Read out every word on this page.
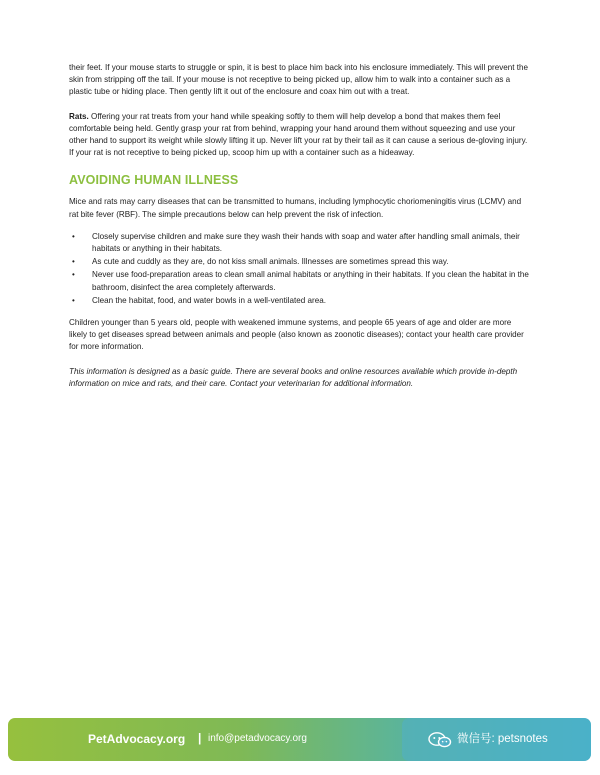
their feet. If your mouse starts to struggle or spin, it is best to place him back into his enclosure immediately. This will prevent the skin from stripping off the tail. If your mouse is not receptive to being picked up, allow him to walk into a container such as a plastic tube or hiding place. Then gently lift it out of the enclosure and coax him out with a treat.

Rats. Offering your rat treats from your hand while speaking softly to them will help develop a bond that makes them feel comfortable being held. Gently grasp your rat from behind, wrapping your hand around them without squeezing and use your other hand to support its weight while slowly lifting it up. Never lift your rat by their tail as it can cause a serious de-gloving injury. If your rat is not receptive to being picked up, scoop him up with a container such as a hideaway.

AVOIDING HUMAN ILLNESS

Mice and rats may carry diseases that can be transmitted to humans, including lymphocytic choriomeningitis virus (LCMV) and rat bite fever (RBF). The simple precautions below can help prevent the risk of infection.

• Closely supervise children and make sure they wash their hands with soap and water after handling small animals, their habitats or anything in their habitats.
• As cute and cuddly as they are, do not kiss small animals. Illnesses are sometimes spread this way.
• Never use food-preparation areas to clean small animal habitats or anything in their habitats. If you clean the habitat in the bathroom, disinfect the area completely afterwards.
• Clean the habitat, food, and water bowls in a well-ventilated area.

Children younger than 5 years old, people with weakened immune systems, and people 65 years of age and older are more likely to get diseases spread between animals and people (also known as zoonotic diseases); contact your health care provider for more information.

This information is designed as a basic guide. There are several books and online resources available which provide in-depth information on mice and rats, and their care. Contact your veterinarian for additional information.

PetAdvocacy.org | info@petadvocacy.org	微信号: petsnotes
